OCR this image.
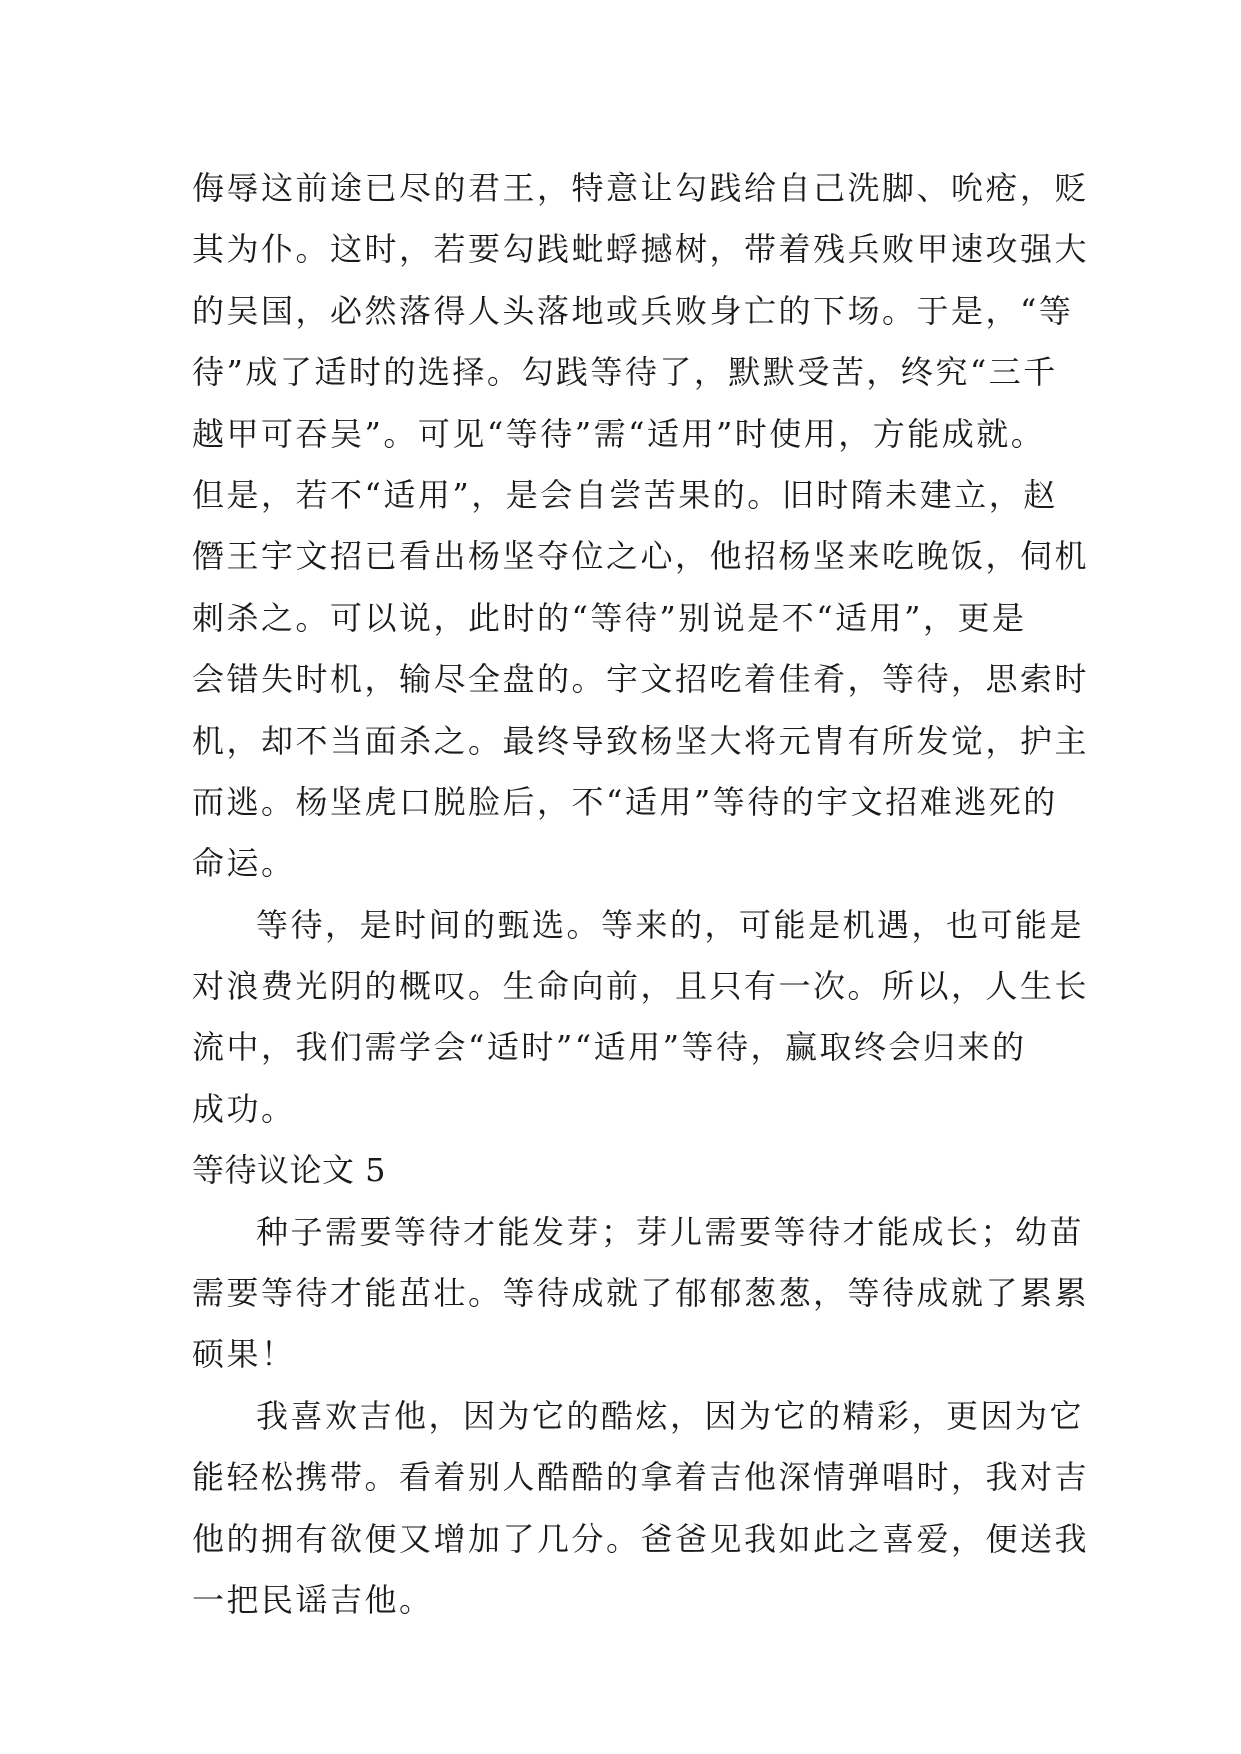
侮辱这前途已尽的君王，特意让勾践给自己洗脚、吮疮，贬
其为仆。这时，若要勾践蚍蜉撼树，带着残兵败甲速攻强大
的吴国，必然落得人头落地或兵败身亡的下场。于是，“等
待”成了适时的选择。勾践等待了，默默受苦，终究“三千
越甲可吞吴”。可见“等待”需“适用”时使用，方能成就。
但是，若不“适用”，是会自尝苦果的。旧时隋未建立，赵
僭王宇文招已看出杨坚夺位之心，他招杨坚来吃晚饭，伺机
刺杀之。可以说，此时的“等待”别说是不“适用”，更是
会错失时机，输尽全盘的。宇文招吃着佳肴，等待，思索时
机，却不当面杀之。最终导致杨坚大将元胄有所发觉，护主
而逃。杨坚虎口脱脸后，不“适用”等待的宇文招难逃死的
命运。
等待，是时间的甄选。等来的，可能是机遇，也可能是
对浪费光阴的概叹。生命向前，且只有一次。所以，人生长
流中，我们需学会“适时”“适用”等待，赢取终会归来的
成功。
等待议论文 5
种子需要等待才能发芽；芽儿需要等待才能成长；幼苗
需要等待才能茁壮。等待成就了郁郁葱葱，等待成就了累累
硕果！
我喜欢吉他，因为它的酷炫，因为它的精彩，更因为它
能轻松携带。看着别人酷酷的拿着吉他深情弹唱时，我对吉
他的拥有欲便又增加了几分。爸爸见我如此之喜爱，便送我
一把民谣吉他。
